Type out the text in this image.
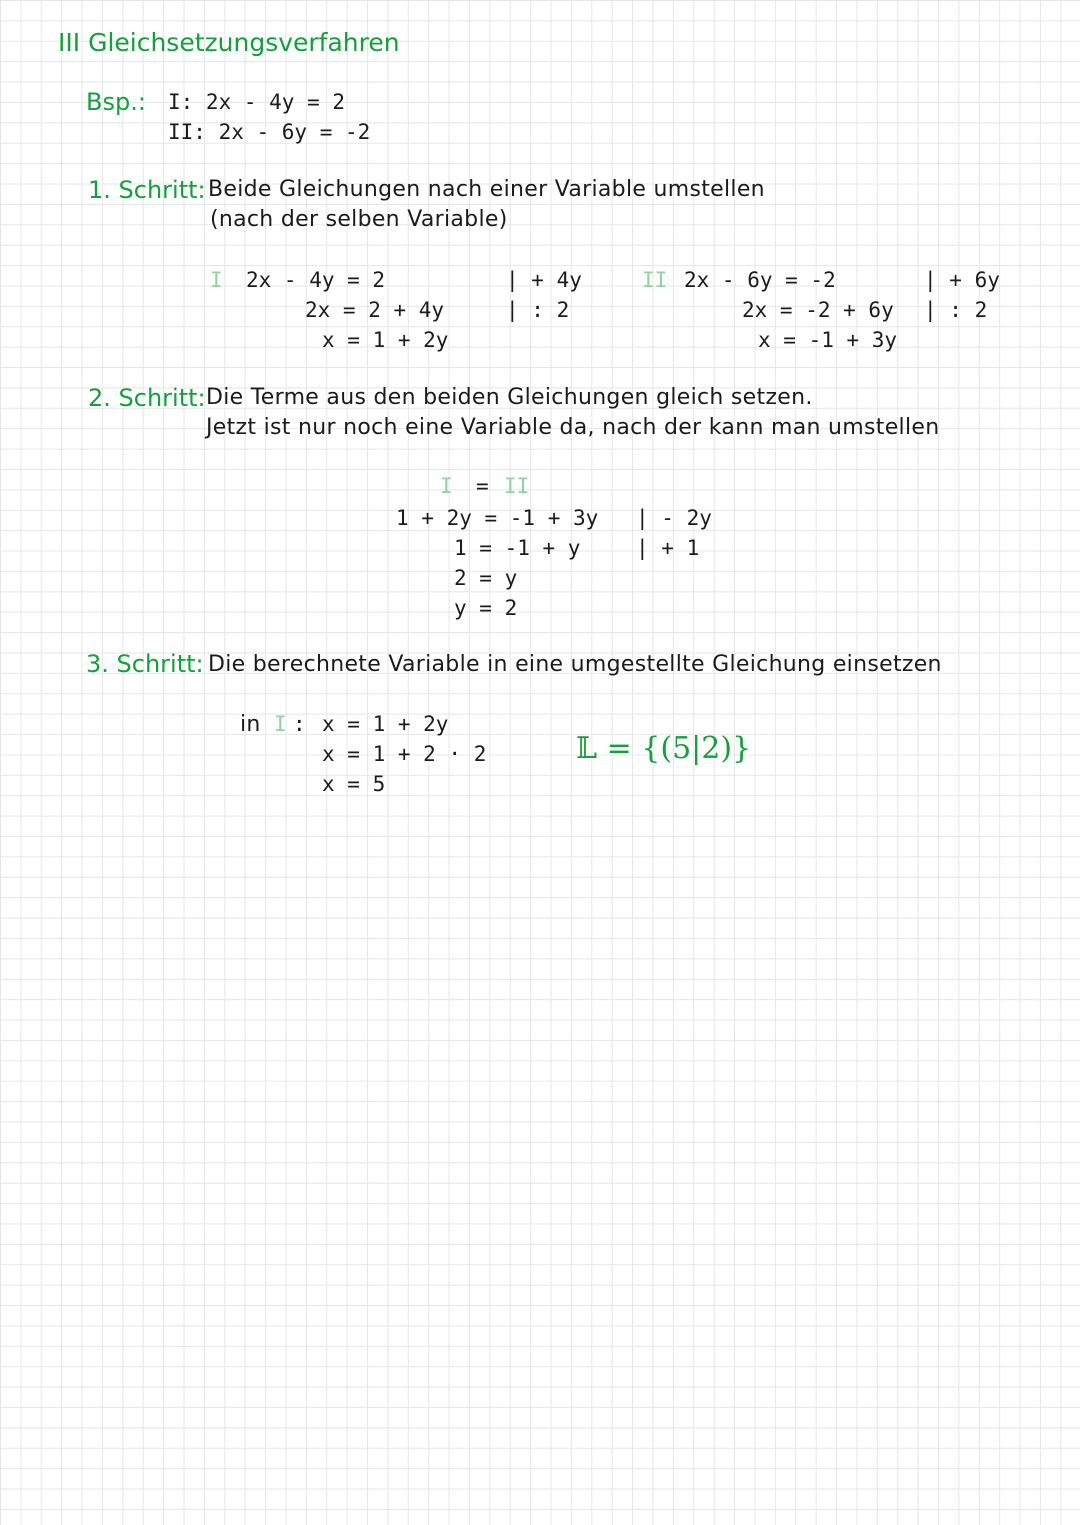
III Gleichsetzungsverfahren
Bsp.: I: 2x - 4y = 2
II: 2x - 6y = -2
1. Schritt: Beide Gleichungen nach einer Variable umstellen
(nach der selben Variable)
I 2x - 4y = 2
2x = 2 + 4y
x = 1 + 2y
| + 4y
| : 2
II 2x - 6y = -2
2x = -2 + 6y
x = -1 + 3y
| + 6y
| : 2
2. Schritt: Die Terme aus den beiden Gleichungen gleich setzen.
Jetzt ist nur noch eine Variable da, nach der kann man umstellen
I = II
1 + 2y = -1 + 3y
1 = -1 + y
2 = y
y = 2
| - 2y
| + 1
3. Schritt: Die berechnete Variable in eine umgestellte Gleichung einsetzen
in I : x = 1 + 2y
x = 1 + 2 · 2
x = 5
𝕃 = {(5|2)}
